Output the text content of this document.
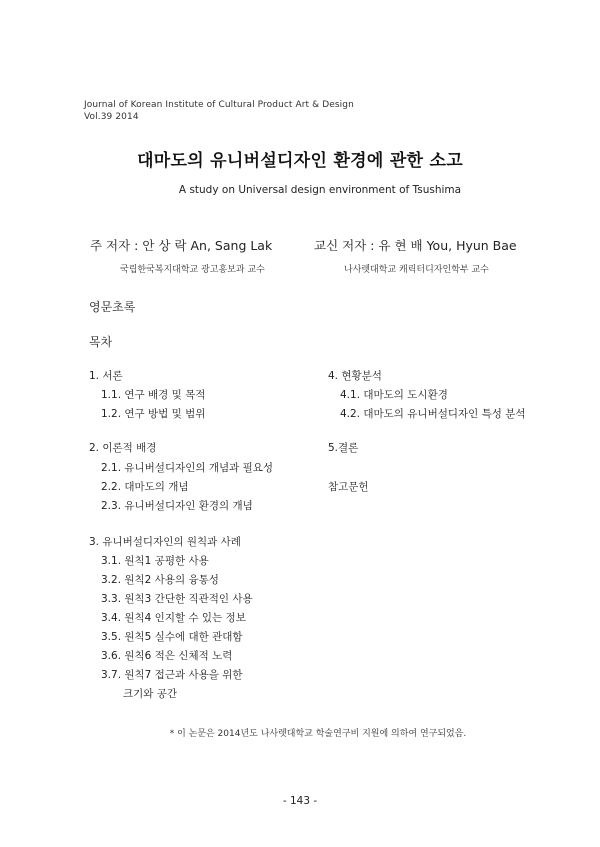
Journal of Korean Institute of Cultural Product Art & Design
Vol.39 2014
대마도의 유니버설디자인 환경에 관한 소고
A study on Universal design environment of Tsushima
주 저자 : 안 상 락 An, Sang Lak	교신 저자 : 유 현 배 You, Hyun Bae
국립한국복지대학교 광고홍보과 교수	나사렛대학교 캐릭터디자인학부 교수
영문초록
목차
1. 서론
1.1. 연구 배경 및 목적
1.2. 연구 방법 및 범위
2. 이론적 배경
2.1. 유니버설디자인의 개념과 필요성
2.2. 대마도의 개념
2.3. 유니버설디자인 환경의 개념
3. 유니버설디자인의 원칙과 사례
3.1. 원칙1 공평한 사용
3.2. 원칙2 사용의 융통성
3.3. 원칙3 간단한 직관적인 사용
3.4. 원칙4 인지할 수 있는 정보
3.5. 원칙5 실수에 대한 관대함
3.6. 원칙6 적은 신체적 노력
3.7. 원칙7 접근과 사용을 위한
크기와 공간
4. 현황분석
4.1. 대마도의 도시환경
4.2. 대마도의 유니버설디자인 특성 분석
5.결론
참고문헌
* 이 논문은 2014년도 나사렛대학교 학술연구비 지원에 의하여 연구되었음.
- 143 -
